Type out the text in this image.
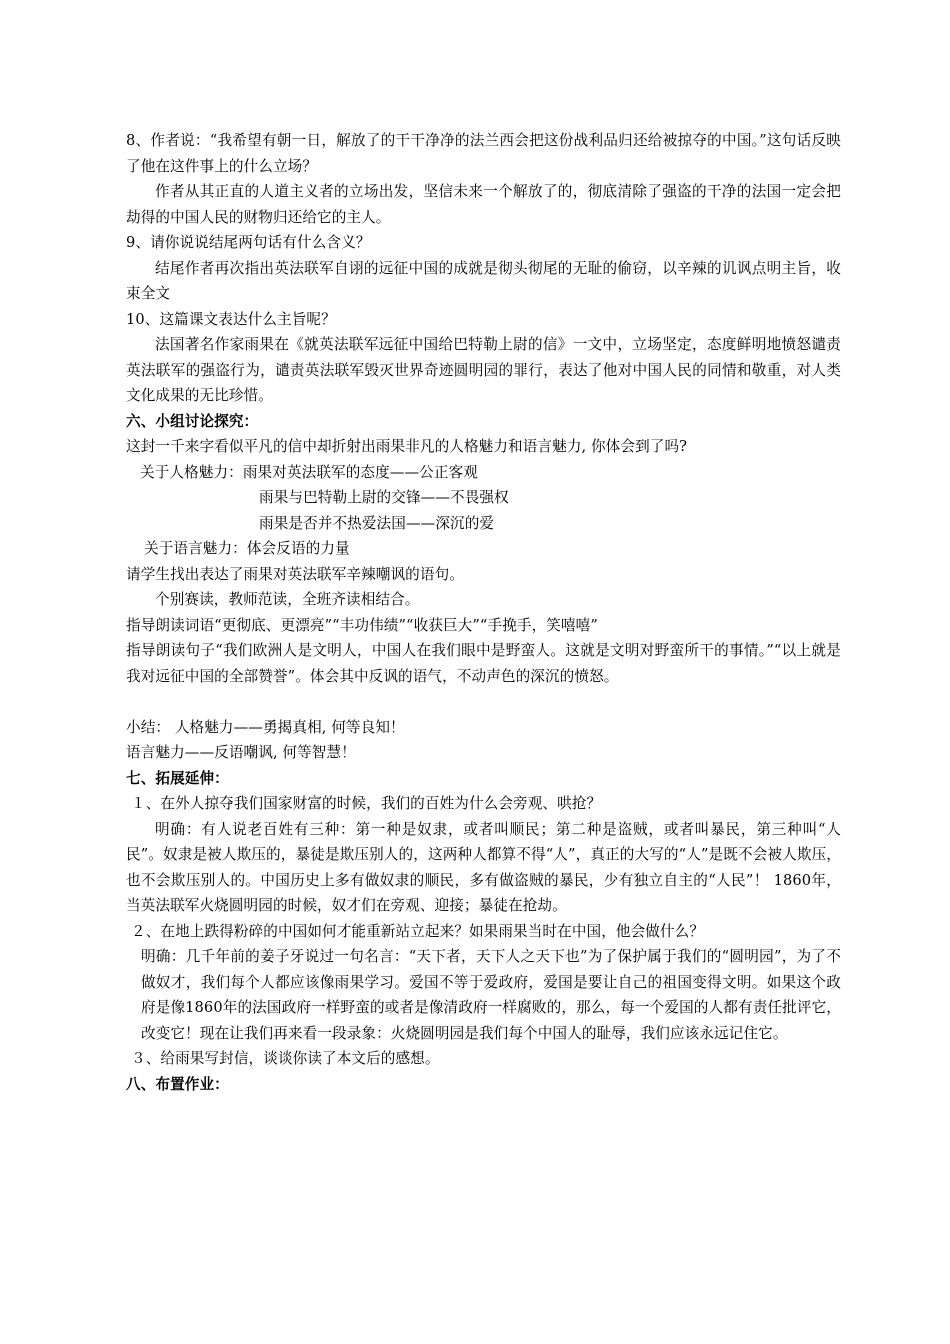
8、作者说：“我希望有朝一日，解放了的干干净净的法兰西会把这份战利品归还给被掠夺的中国。”这句话反映了他在这件事上的什么立场？

作者从其正直的人道主义者的立场出发，坚信未来一个解放了的，彻底清除了强盗的干净的法国一定会把劫得的中国人民的财物归还给它的主人。

9、请你说说结尾两句话有什么含义？

结尾作者再次指出英法联军自诩的远征中国的成就是彻头彻尾的无耻的偷窃，以辛辣的讥讽点明主旨，收束全文

10、这篇课文表达什么主旨呢？

法国著名作家雨果在《就英法联军远征中国给巴特勒上尉的信》一文中，立场坚定，态度鲜明地愤怒谴责英法联军的强盗行为，谴责英法联军毁灭世界奇迹圆明园的罪行，表达了他对中国人民的同情和敬重，对人类文化成果的无比珍惜。

六、小组讨论探究：

这封一千来字看似平凡的信中却折射出雨果非凡的人格魅力和语言魅力, 你体会到了吗?

关于人格魅力：雨果对英法联军的态度——公正客观

雨果与巴特勒上尉的交锋——不畏强权

雨果是否并不热爱法国——深沉的爱

关于语言魅力：体会反语的力量

请学生找出表达了雨果对英法联军辛辣嘲讽的语句。

个别赛读，教师范读，全班齐读相结合。

指导朗读词语“更彻底、更漂亮”“丰功伟绩”“收获巨大”“手挽手，笑嘻嘻”

指导朗读句子“我们欧洲人是文明人，中国人在我们眼中是野蛮人。这就是文明对野蛮所干的事情。”“以上就是我对远征中国的全部赞誉”。体会其中反讽的语气，不动声色的深沉的愤怒。

小结： 人格魅力——勇揭真相, 何等良知！

语言魅力——反语嘲讽, 何等智慧！

七、拓展延伸：

１、在外人掠夺我们国家财富的时候，我们的百姓为什么会旁观、哄抢？

明确：有人说老百姓有三种：第一种是奴隶，或者叫顺民；第二种是盗贼，或者叫暴民，第三种叫“人民”。奴隶是被人欺压的，暴徒是欺压别人的，这两种人都算不得“人”，真正的大写的“人”是既不会被人欺压，也不会欺压别人的。中国历史上多有做奴隶的顺民，多有做盗贼的暴民，少有独立自主的“人民”！ 1860年，当英法联军火烧圆明园的时候，奴才们在旁观、迎接；暴徒在抢劫。

２、在地上跌得粉碎的中国如何才能重新站立起来？如果雨果当时在中国，他会做什么？

明确：几千年前的姜子牙说过一句名言：“天下者，天下人之天下也”为了保护属于我们的“圆明园”，为了不做奴才，我们每个人都应该像雨果学习。爱国不等于爱政府，爱国是要让自己的祖国变得文明。如果这个政府是像1860年的法国政府一样野蛮的或者是像清政府一样腐败的，那么，每一个爱国的人都有责任批评它，改变它！现在让我们再来看一段录象：火烧圆明园是我们每个中国人的耻辱，我们应该永远记住它。

３、给雨果写封信，谈谈你读了本文后的感想。

八、布置作业：
